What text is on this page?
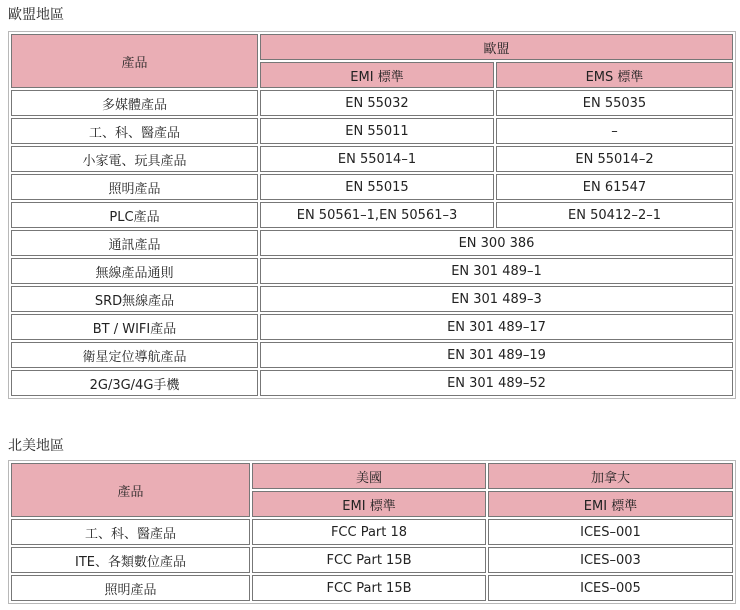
歐盟地區
產品	歐盟	
	EMI 標準	EMS 標準
多媒體產品	EN 55032	EN 55035
工、科、醫產品	EN 55011	–
小家電、玩具產品	EN 55014–1	EN 55014–2
照明產品	EN 55015	EN 61547
PLC產品	EN 50561–1,EN 50561–3	EN 50412–2–1
通訊產品	EN 300 386	
無線產品通則	EN 301 489–1	
SRD無線產品	EN 301 489–3	
BT / WIFI產品	EN 301 489–17	
衛星定位導航產品	EN 301 489–19	
2G/3G/4G手機	EN 301 489–52	
北美地區
產品	美國	加拿大
	EMI 標準	EMI 標準
工、科、醫產品	FCC Part 18	ICES–001
ITE、各類數位產品	FCC Part 15B	ICES–003
照明產品	FCC Part 15B	ICES–005
